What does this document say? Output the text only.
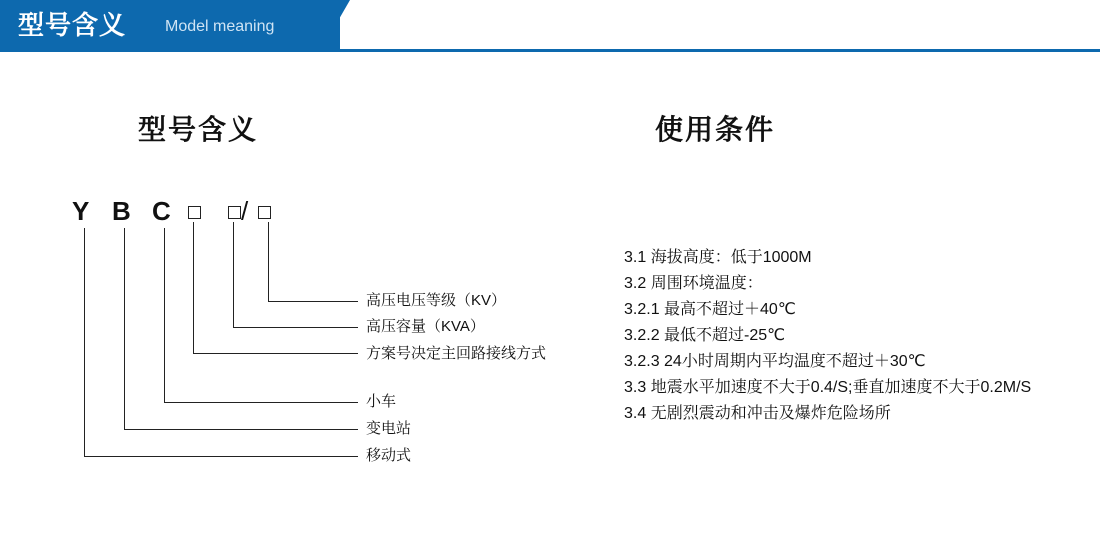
型号含义 Model meaning
型号含义	使用条件
Y B C	/
高压电压等级（KV）
高压容量（KVA）
方案号决定主回路接线方式
小车
变电站
移动式
3.1 海拔高度：低于1000M
3.2 周围环境温度：
3.2.1 最高不超过＋40℃
3.2.2 最低不超过-25℃
3.2.3 24小时周期内平均温度不超过＋30℃
3.3 地震水平加速度不大于0.4/S;垂直加速度不大于0.2M/S
3.4 无剧烈震动和冲击及爆炸危险场所
